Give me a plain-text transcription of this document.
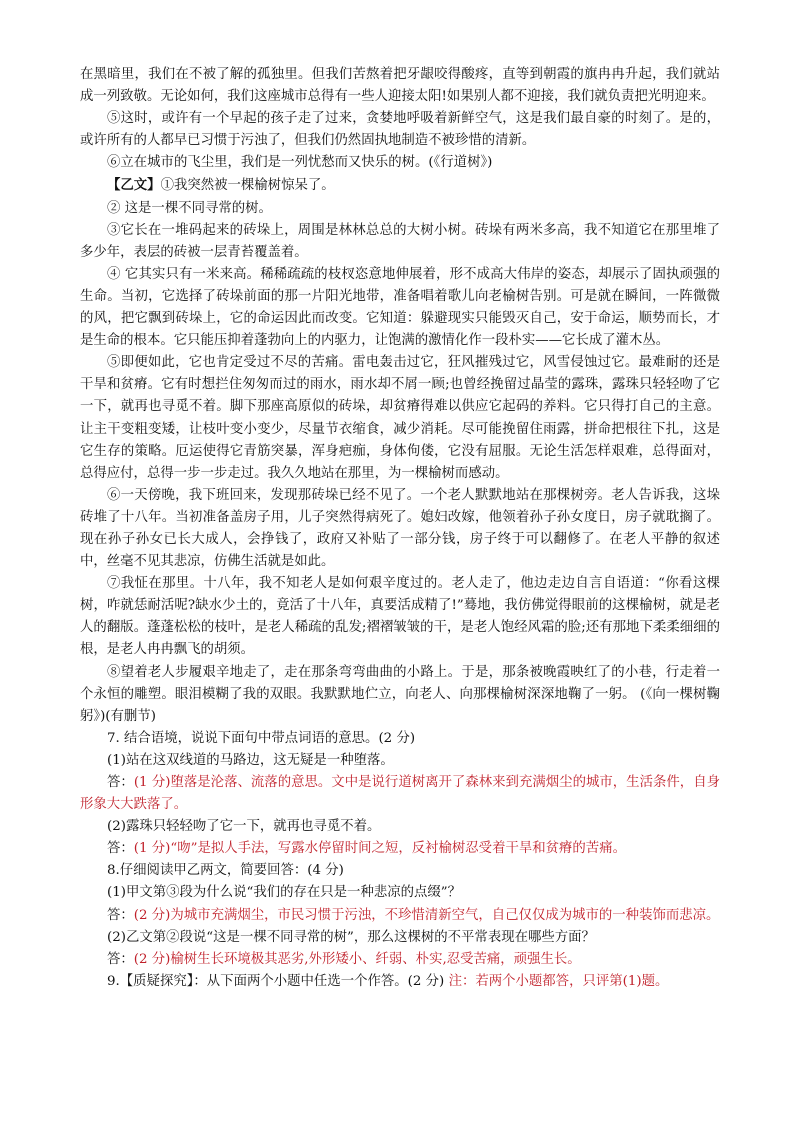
在黑暗里，我们在不被了解的孤独里。但我们苦熬着把牙龈咬得酸疼，直等到朝霞的旗冉冉升起，我们就站成一列致敬。无论如何，我们这座城市总得有一些人迎接太阳!如果别人都不迎接，我们就负责把光明迎来。

⑤这时，或许有一个早起的孩子走了过来，贪婪地呼吸着新鲜空气，这是我们最自豪的时刻了。是的，或许所有的人都早已习惯于污浊了，但我们仍然固执地制造不被珍惜的清新。

⑥立在城市的飞尘里，我们是一列忧愁而又快乐的树。(《行道树》)

【乙文】①我突然被一棵榆树惊呆了。

② 这是一棵不同寻常的树。

③它长在一堆码起来的砖垛上，周围是林林总总的大树小树。砖垛有两米多高，我不知道它在那里堆了多少年，表层的砖被一层青苔覆盖着。

④ 它其实只有一米来高。稀稀疏疏的枝杈恣意地伸展着，形不成高大伟岸的姿态，却展示了固执顽强的生命。当初，它选择了砖垛前面的那一片阳光地带，准备唱着歌儿向老榆树告别。可是就在瞬间，一阵微微的风，把它飘到砖垛上，它的命运因此而改变。它知道：躲避现实只能毁灭自己，安于命运，顺势而长，才是生命的根本。它只能压抑着蓬勃向上的内驱力，让饱满的激情化作一段朴实——它长成了灌木丛。

⑤即便如此，它也肯定受过不尽的苦痛。雷电轰击过它，狂风摧残过它，风雪侵蚀过它。最难耐的还是干旱和贫瘠。它有时想拦住匆匆而过的雨水，雨水却不屑一顾;也曾经挽留过晶莹的露珠，露珠只轻轻吻了它一下，就再也寻觅不着。脚下那座高原似的砖垛，却贫瘠得难以供应它起码的养料。它只得打自己的主意。让主干变粗变矮，让枝叶变小变少，尽量节衣缩食，减少消耗。尽可能挽留住雨露，拼命把根往下扎，这是它生存的策略。厄运使得它青筋突暴，浑身疤痂，身体佝偻，它没有屈服。无论生活怎样艰难，总得面对，总得应付，总得一步一步走过。我久久地站在那里，为一棵榆树而感动。

⑥一天傍晚，我下班回来，发现那砖垛已经不见了。一个老人默默地站在那棵树旁。老人告诉我，这垛砖堆了十八年。当初准备盖房子用，儿子突然得病死了。媳妇改嫁，他领着孙子孙女度日，房子就耽搁了。现在孙子孙女已长大成人，会挣钱了，政府又补贴了一部分钱，房子终于可以翻修了。在老人平静的叙述中，丝毫不见其悲凉，仿佛生活就是如此。

⑦我怔在那里。十八年，我不知老人是如何艰辛度过的。老人走了，他边走边自言自语道：“你看这棵树，咋就恁耐活呢?缺水少土的，竟活了十八年，真要活成精了!”蓦地，我仿佛觉得眼前的这棵榆树，就是老人的翻版。蓬蓬松松的枝叶，是老人稀疏的乱发;褶褶皱皱的干，是老人饱经风霜的脸;还有那地下柔柔细细的根，是老人冉冉飘飞的胡须。

⑧望着老人步履艰辛地走了，走在那条弯弯曲曲的小路上。于是，那条被晚霞映红了的小巷，行走着一个永恒的雕塑。眼泪模糊了我的双眼。我默默地伫立，向老人、向那棵榆树深深地鞠了一躬。 (《向一棵树鞠躬》)(有删节)

7. 结合语境，说说下面句中带点词语的意思。(2 分)

(1)站在这双线道的马路边，这无疑是一种堕落。

答：(1 分)堕落是沦落、流落的意思。文中是说行道树离开了森林来到充满烟尘的城市，生活条件，自身形象大大跌落了。

(2)露珠只轻轻吻了它一下，就再也寻觅不着。

答：(1 分)“吻”是拟人手法，写露水停留时间之短，反衬榆树忍受着干旱和贫瘠的苦痛。

8.仔细阅读甲乙两文，简要回答：(4 分)

(1)甲文第③段为什么说“我们的存在只是一种悲凉的点缀”？

答：(2 分)为城市充满烟尘，市民习惯于污浊，不珍惜清新空气，自己仅仅成为城市的一种装饰而悲凉。

(2)乙文第②段说“这是一棵不同寻常的树”，那么这棵树的不平常表现在哪些方面？

答：(2 分)榆树生长环境极其恶劣,外形矮小、纤弱、朴实,忍受苦痛，顽强生长。

9.【质疑探究】：从下面两个小题中任选一个作答。(2 分) 注：若两个小题都答，只评第(1)题。
